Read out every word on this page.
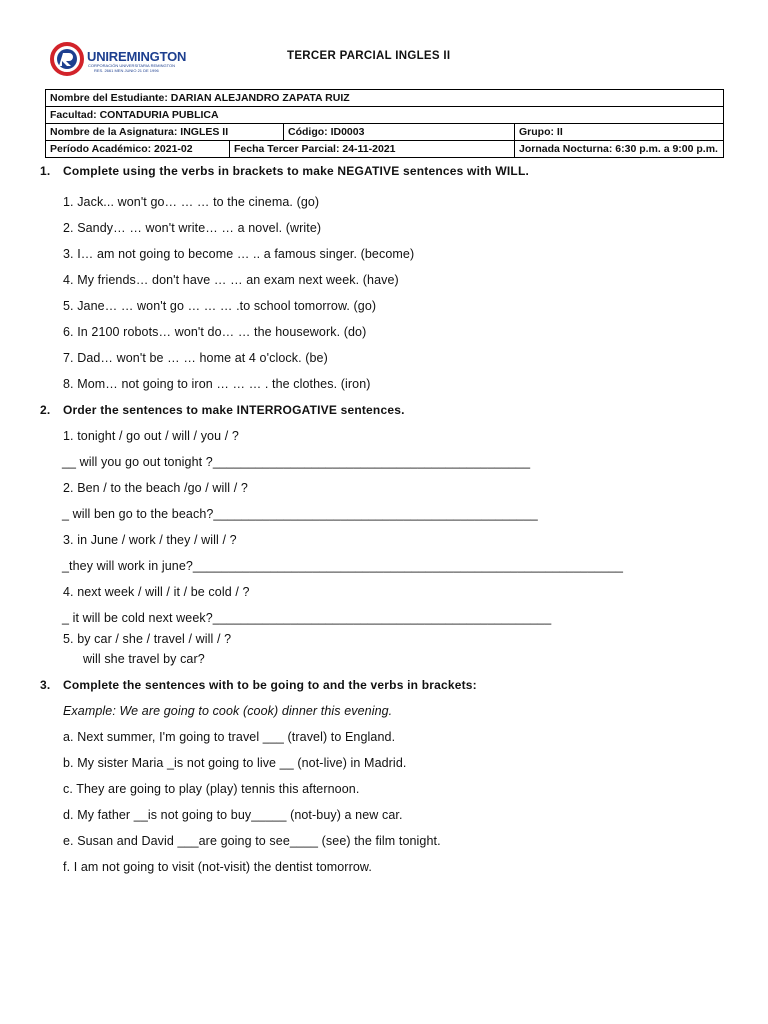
UNIREMINGTON
CORPORACIÓN UNIVERSITARIA REMINGTON
RES. 2661 MEN JUNIO 21 DE 1996
TERCER PARCIAL INGLES II
Nombre del Estudiante: DARIAN ALEJANDRO ZAPATA RUIZ			
Facultad: CONTADURIA PUBLICA			
Nombre de la Asignatura: INGLES II		Código: ID0003	Grupo: II
Período Académico: 2021-02	Fecha Tercer Parcial: 24-11-2021		Jornada Nocturna: 6:30 p.m. a 9:00 p.m.
1. Complete using the verbs in brackets to make NEGATIVE sentences with WILL.
1. Jack... won't go… … … to the cinema. (go)
2. Sandy… … won't write… … a novel. (write)
3. I… am not going to become … .. a famous singer. (become)
4. My friends… don't have … … an exam next week. (have)
5. Jane… … won't go … … … .to school tomorrow. (go)
6. In 2100 robots… won't do… … the housework. (do)
7. Dad… won't be … … home at 4 o'clock. (be)
8. Mom… not going to iron … … … . the clothes. (iron)
2. Order the sentences to make INTERROGATIVE sentences.
1. tonight / go out / will / you / ?
__ will you go out tonight ?_____________________________________________
2. Ben / to the beach /go / will / ?
_ will ben go to the beach?______________________________________________
3. in June / work / they / will / ?
_they will work in june?_____________________________________________________________
4. next week / will / it / be cold / ?
_ it will be cold next week?________________________________________________
5. by car / she / travel / will / ?
will she travel by car?
3. Complete the sentences with to be going to and the verbs in brackets:
Example: We are going to cook (cook) dinner this evening.
a. Next summer, I'm going to travel ___ (travel) to England.
b. My sister Maria _is not going to live __ (not-live) in Madrid.
c. They are going to play (play) tennis this afternoon.
d. My father __is not going to buy_____ (not-buy) a new car.
e. Susan and David ___are going to see____ (see) the film tonight.
f. I am not going to visit (not-visit) the dentist tomorrow.
